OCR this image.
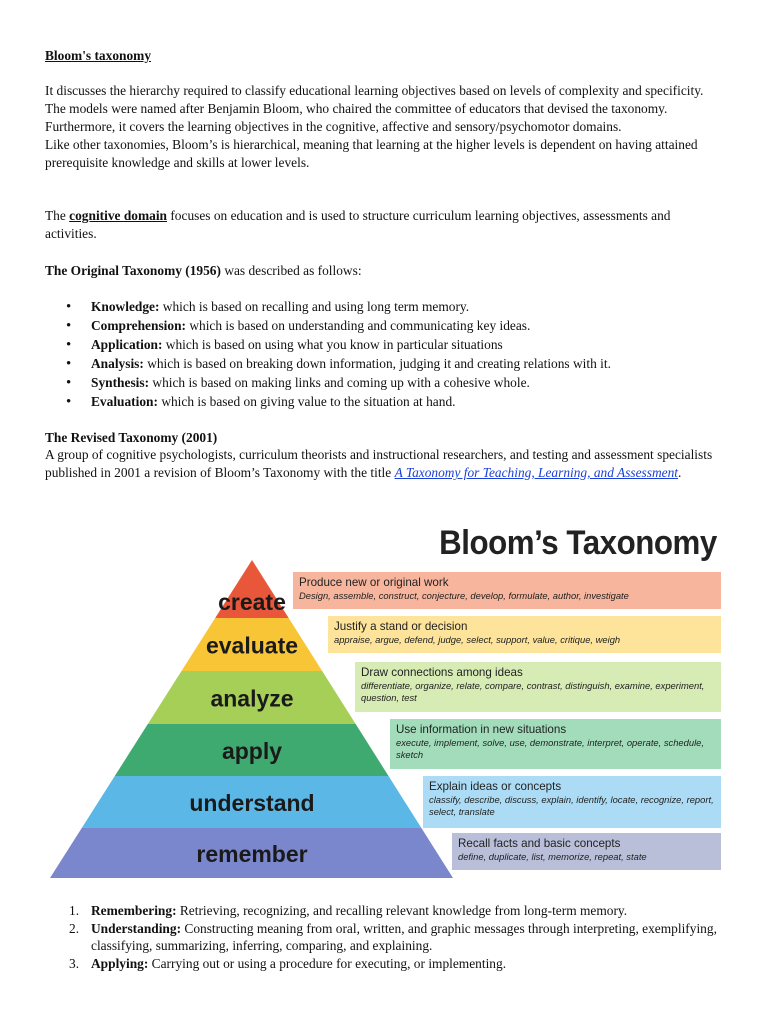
Bloom's taxonomy

It discusses the hierarchy required to classify educational learning objectives based on levels of complexity and specificity. The models were named after Benjamin Bloom, who chaired the committee of educators that devised the taxonomy. Furthermore, it covers the learning objectives in the cognitive, affective and sensory/psychomotor domains.

Like other taxonomies, Bloom’s is hierarchical, meaning that learning at the higher levels is dependent on having attained prerequisite knowledge and skills at lower levels.

The cognitive domain focuses on education and is used to structure curriculum learning objectives, assessments and activities.

The Original Taxonomy (1956) was described as follows:

• Knowledge: which is based on recalling and using long term memory.
• Comprehension: which is based on understanding and communicating key ideas.
• Application: which is based on using what you know in particular situations
• Analysis: which is based on breaking down information, judging it and creating relations with it.
• Synthesis: which is based on making links and coming up with a cohesive whole.
• Evaluation: which is based on giving value to the situation at hand.

The Revised Taxonomy (2001)

A group of cognitive psychologists, curriculum theorists and instructional researchers, and testing and assessment specialists published in 2001 a revision of Bloom’s Taxonomy with the title A Taxonomy for Teaching, Learning, and Assessment.

1. Remembering: Retrieving, recognizing, and recalling relevant knowledge from long-term memory.
2. Understanding: Constructing meaning from oral, written, and graphic messages through interpreting, exemplifying, classifying, summarizing, inferring, comparing, and explaining.
3. Applying: Carrying out or using a procedure for executing, or implementing.
Bloom’s Taxonomy
create
evaluate
analyze
apply
understand
remember
Produce new or original work
Design, assemble, construct, conjecture, develop, formulate, author, investigate
Justify a stand or decision
appraise, argue, defend, judge, select, support, value, critique, weigh
Draw connections among ideas
differentiate, organize, relate, compare, contrast, distinguish, examine, experiment, question, test
Use information in new situations
execute, implement, solve, use, demonstrate, interpret, operate, schedule, sketch
Explain ideas or concepts
classify, describe, discuss, explain, identify, locate, recognize, report, select, translate
Recall facts and basic concepts
define, duplicate, list, memorize, repeat, state
